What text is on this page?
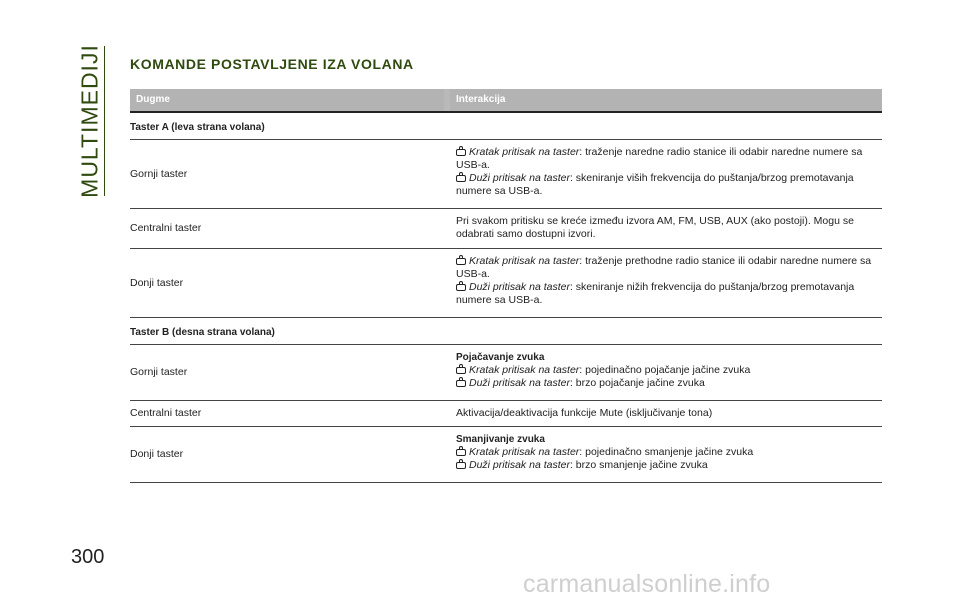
MULTIMEDIJI KOMANDE POSTAVLJENE IZA VOLANA
Dugme	Interakcija
Taster A (leva strana volana)
Gornji taster
Kratak pritisak na taster: traženje naredne radio stanice ili odabir naredne numere sa USB-a.
Duži pritisak na taster: skeniranje viših frekvencija do puštanja/brzog premotavanja numere sa USB-a.
Centralni taster
Pri svakom pritisku se kreće između izvora AM, FM, USB, AUX (ako postoji). Mogu se odabrati samo dostupni izvori.
Donji taster
Kratak pritisak na taster: traženje prethodne radio stanice ili odabir naredne numere sa USB-a.
Duži pritisak na taster: skeniranje nižih frekvencija do puštanja/brzog premotavanja numere sa USB-a.
Taster B (desna strana volana)
Gornji taster
Pojačavanje zvuka
Kratak pritisak na taster: pojedinačno pojačanje jačine zvuka
Duži pritisak na taster: brzo pojačanje jačine zvuka
Centralni taster	Aktivacija/deaktivacija funkcije Mute (isključivanje tona)
Donji taster
Smanjivanje zvuka
Kratak pritisak na taster: pojedinačno smanjenje jačine zvuka
Duži pritisak na taster: brzo smanjenje jačine zvuka
300
carmanualsonline.info
